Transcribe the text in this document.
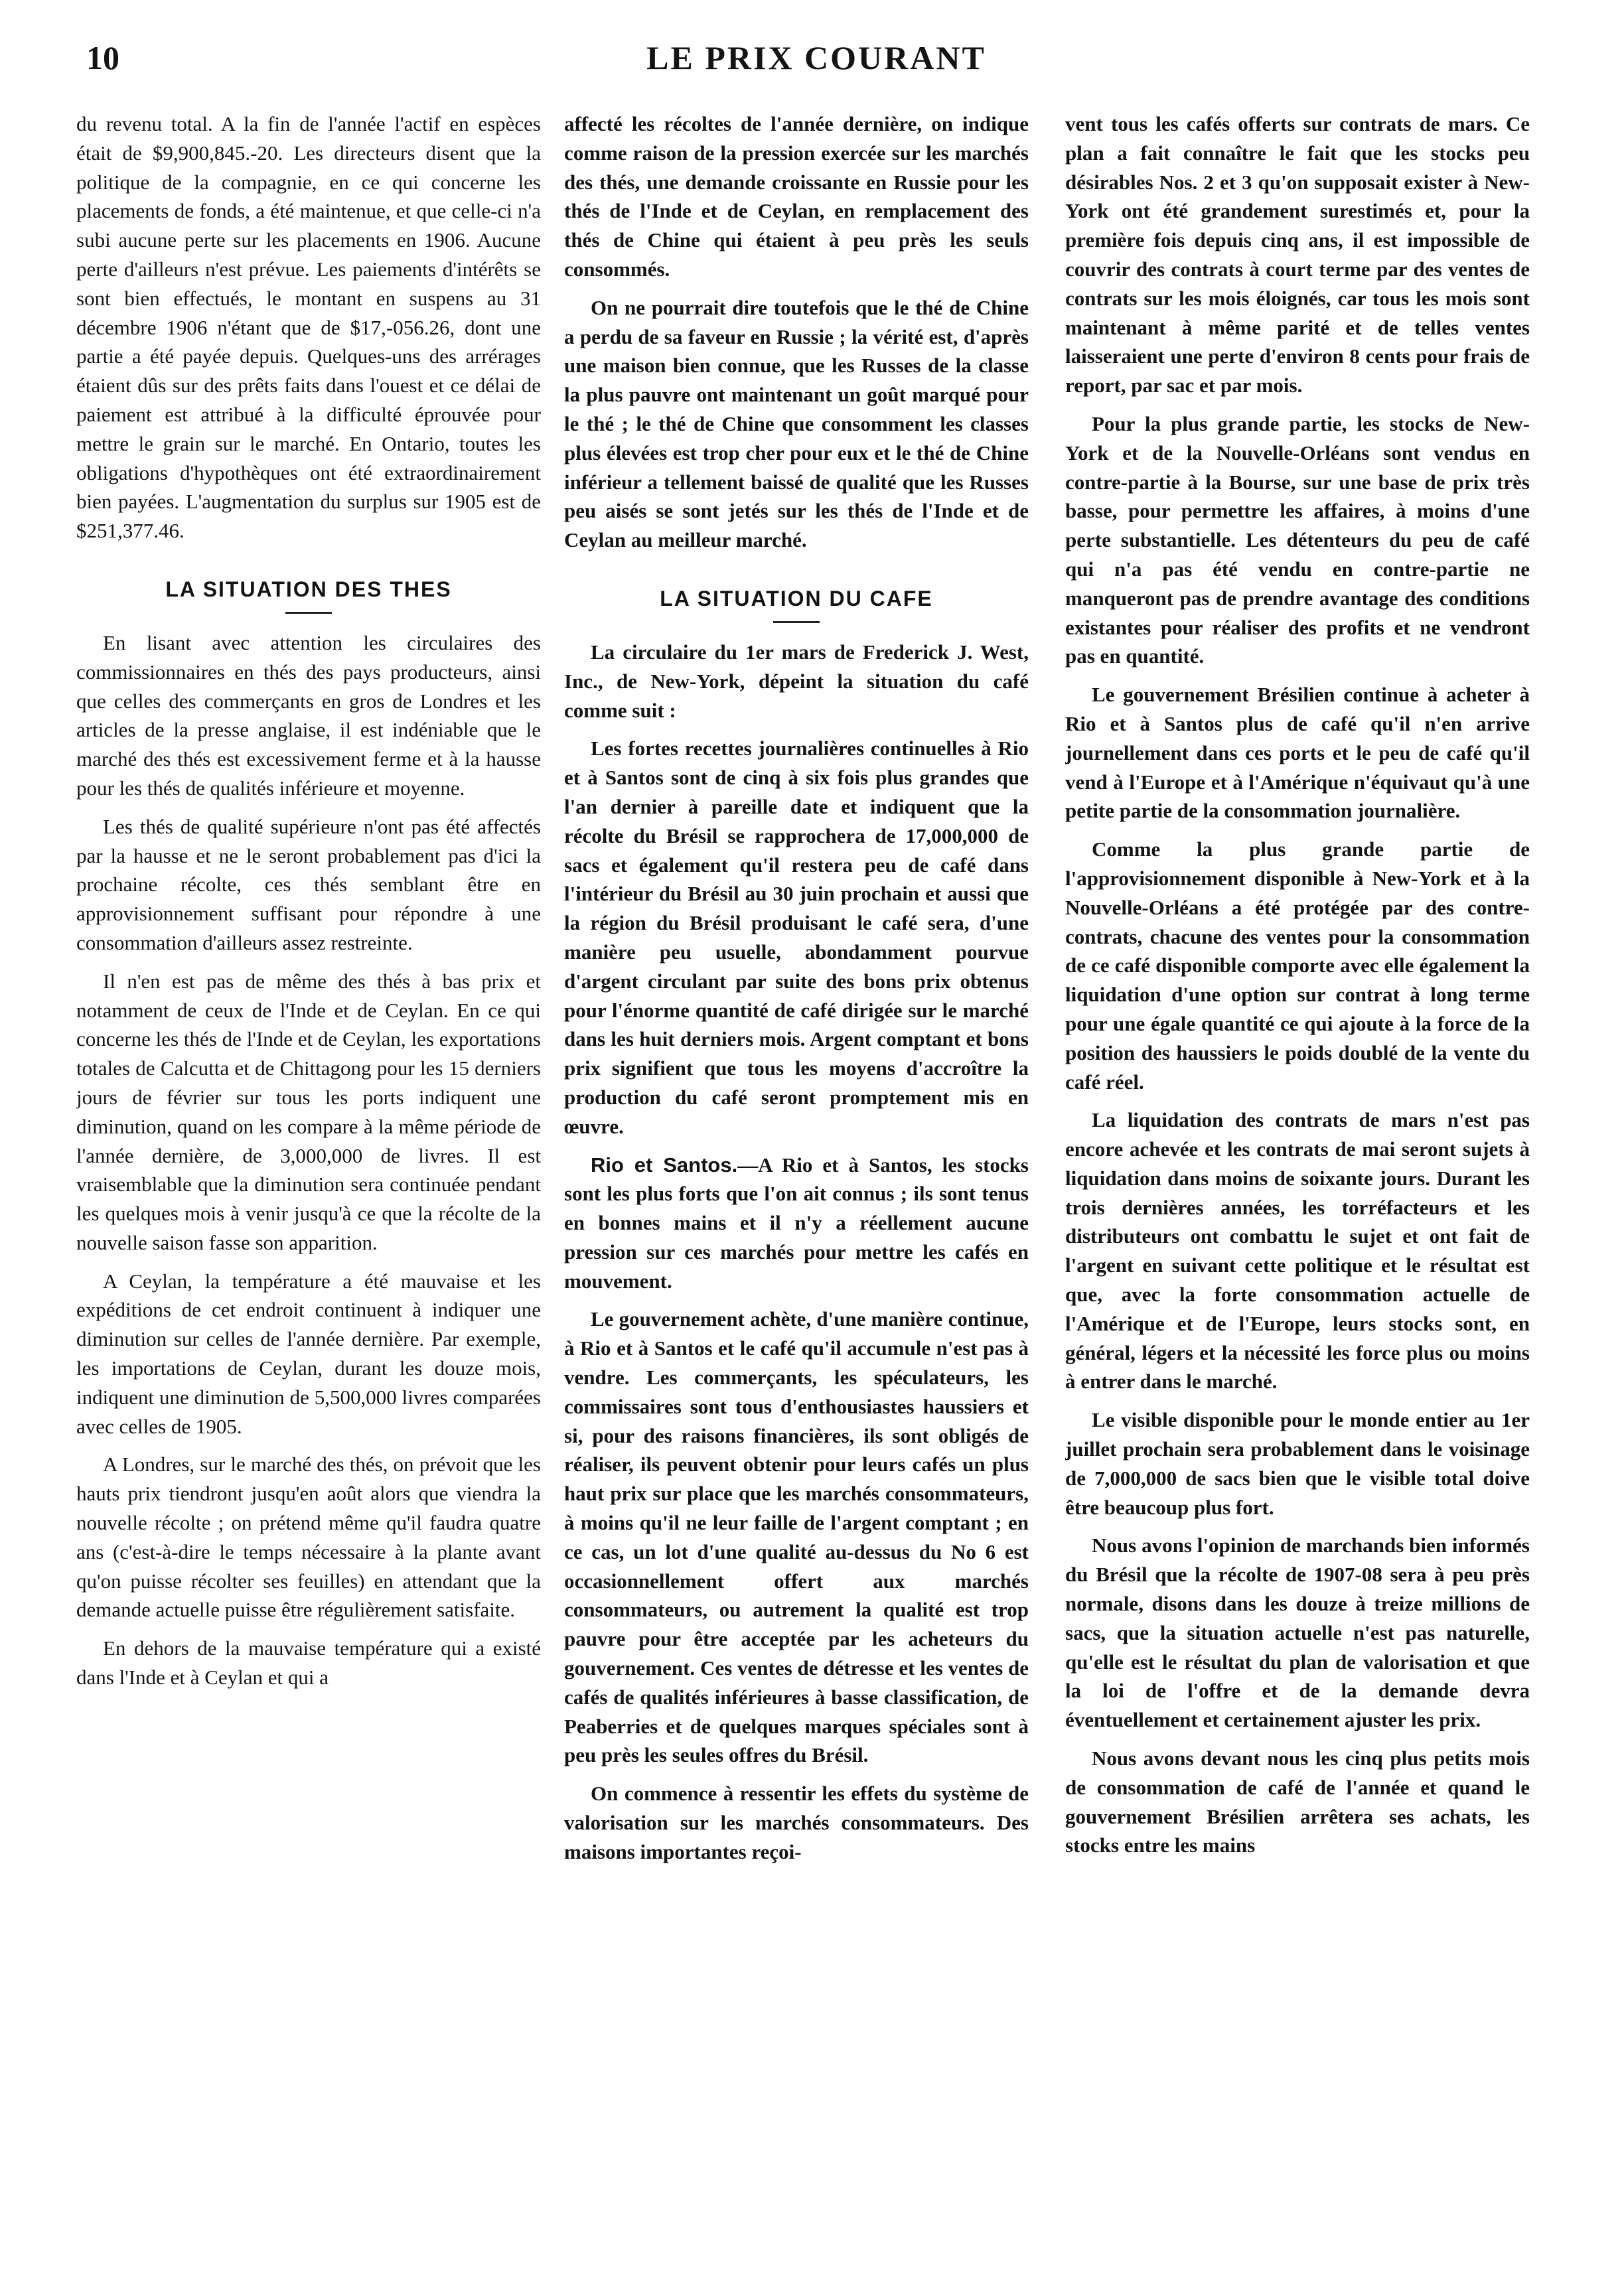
10	LE PRIX COURANT

du revenu total. A la fin de l'année l'actif en espèces était de $9,900,845.-20. Les directeurs disent que la politique de la compagnie, en ce qui concerne les placements de fonds, a été maintenue, et que celle-ci n'a subi aucune perte sur les placements en 1906. Aucune perte d'ailleurs n'est prévue. Les paiements d'intérêts se sont bien effectués, le montant en suspens au 31 décembre 1906 n'étant que de $17,-056.26, dont une partie a été payée depuis. Quelques-uns des arrérages étaient dûs sur des prêts faits dans l'ouest et ce délai de paiement est attribué à la difficulté éprouvée pour mettre le grain sur le marché. En Ontario, toutes les obligations d'hypothèques ont été extraordinairement bien payées. L'augmentation du surplus sur 1905 est de $251,377.46.

LA SITUATION DES THES

En lisant avec attention les circulaires des commissionnaires en thés des pays producteurs, ainsi que celles des commerçants en gros de Londres et les articles de la presse anglaise, il est indéniable que le marché des thés est excessivement ferme et à la hausse pour les thés de qualités inférieure et moyenne.

Les thés de qualité supérieure n'ont pas été affectés par la hausse et ne le seront probablement pas d'ici la prochaine récolte, ces thés semblant être en approvisionnement suffisant pour répondre à une consommation d'ailleurs assez restreinte.

Il n'en est pas de même des thés à bas prix et notamment de ceux de l'Inde et de Ceylan. En ce qui concerne les thés de l'Inde et de Ceylan, les exportations totales de Calcutta et de Chittagong pour les 15 derniers jours de février sur tous les ports indiquent une diminution, quand on les compare à la même période de l'année dernière, de 3,000,000 de livres. Il est vraisemblable que la diminution sera continuée pendant les quelques mois à venir jusqu'à ce que la récolte de la nouvelle saison fasse son apparition.

A Ceylan, la température a été mauvaise et les expéditions de cet endroit continuent à indiquer une diminution sur celles de l'année dernière. Par exemple, les importations de Ceylan, durant les douze mois, indiquent une diminution de 5,500,000 livres comparées avec celles de 1905.

A Londres, sur le marché des thés, on prévoit que les hauts prix tiendront jusqu'en août alors que viendra la nouvelle récolte ; on prétend même qu'il faudra quatre ans (c'est-à-dire le temps nécessaire à la plante avant qu'on puisse récolter ses feuilles) en attendant que la demande actuelle puisse être régulièrement satisfaite.

En dehors de la mauvaise température qui a existé dans l'Inde et à Ceylan et qui a

affecté les récoltes de l'année dernière, on indique comme raison de la pression exercée sur les marchés des thés, une demande croissante en Russie pour les thés de l'Inde et de Ceylan, en remplacement des thés de Chine qui étaient à peu près les seuls consommés.

On ne pourrait dire toutefois que le thé de Chine a perdu de sa faveur en Russie ; la vérité est, d'après une maison bien connue, que les Russes de la classe la plus pauvre ont maintenant un goût marqué pour le thé ; le thé de Chine que consomment les classes plus élevées est trop cher pour eux et le thé de Chine inférieur a tellement baissé de qualité que les Russes peu aisés se sont jetés sur les thés de l'Inde et de Ceylan au meilleur marché.

LA SITUATION DU CAFE

La circulaire du 1er mars de Frederick J. West, Inc., de New-York, dépeint la situation du café comme suit :

Les fortes recettes journalières continuelles à Rio et à Santos sont de cinq à six fois plus grandes que l'an dernier à pareille date et indiquent que la récolte du Brésil se rapprochera de 17,000,000 de sacs et également qu'il restera peu de café dans l'intérieur du Brésil au 30 juin prochain et aussi que la région du Brésil produisant le café sera, d'une manière peu usuelle, abondamment pourvue d'argent circulant par suite des bons prix obtenus pour l'énorme quantité de café dirigée sur le marché dans les huit derniers mois. Argent comptant et bons prix signifient que tous les moyens d'accroître la production du café seront promptement mis en œuvre.

Rio et Santos.—A Rio et à Santos, les stocks sont les plus forts que l'on ait connus ; ils sont tenus en bonnes mains et il n'y a réellement aucune pression sur ces marchés pour mettre les cafés en mouvement.

Le gouvernement achète, d'une manière continue, à Rio et à Santos et le café qu'il accumule n'est pas à vendre. Les commerçants, les spéculateurs, les commissaires sont tous d'enthousiastes haussiers et si, pour des raisons financières, ils sont obligés de réaliser, ils peuvent obtenir pour leurs cafés un plus haut prix sur place que les marchés consommateurs, à moins qu'il ne leur faille de l'argent comptant ; en ce cas, un lot d'une qualité au-dessus du No 6 est occasionnellement offert aux marchés consommateurs, ou autrement la qualité est trop pauvre pour être acceptée par les acheteurs du gouvernement. Ces ventes de détresse et les ventes de cafés de qualités inférieures à basse classification, de Peaberries et de quelques marques spéciales sont à peu près les seules offres du Brésil.

On commence à ressentir les effets du système de valorisation sur les marchés consommateurs. Des maisons importantes reçoi-

vent tous les cafés offerts sur contrats de mars. Ce plan a fait connaître le fait que les stocks peu désirables Nos. 2 et 3 qu'on supposait exister à New-York ont été grandement surestimés et, pour la première fois depuis cinq ans, il est impossible de couvrir des contrats à court terme par des ventes de contrats sur les mois éloignés, car tous les mois sont maintenant à même parité et de telles ventes laisseraient une perte d'environ 8 cents pour frais de report, par sac et par mois.

Pour la plus grande partie, les stocks de New-York et de la Nouvelle-Orléans sont vendus en contre-partie à la Bourse, sur une base de prix très basse, pour permettre les affaires, à moins d'une perte substantielle. Les détenteurs du peu de café qui n'a pas été vendu en contre-partie ne manqueront pas de prendre avantage des conditions existantes pour réaliser des profits et ne vendront pas en quantité.

Le gouvernement Brésilien continue à acheter à Rio et à Santos plus de café qu'il n'en arrive journellement dans ces ports et le peu de café qu'il vend à l'Europe et à l'Amérique n'équivaut qu'à une petite partie de la consommation journalière.

Comme la plus grande partie de l'approvisionnement disponible à New-York et à la Nouvelle-Orléans a été protégée par des contre-contrats, chacune des ventes pour la consommation de ce café disponible comporte avec elle également la liquidation d'une option sur contrat à long terme pour une égale quantité ce qui ajoute à la force de la position des haussiers le poids doublé de la vente du café réel.

La liquidation des contrats de mars n'est pas encore achevée et les contrats de mai seront sujets à liquidation dans moins de soixante jours. Durant les trois dernières années, les torréfacteurs et les distributeurs ont combattu le sujet et ont fait de l'argent en suivant cette politique et le résultat est que, avec la forte consommation actuelle de l'Amérique et de l'Europe, leurs stocks sont, en général, légers et la nécessité les force plus ou moins à entrer dans le marché.

Le visible disponible pour le monde entier au 1er juillet prochain sera probablement dans le voisinage de 7,000,000 de sacs bien que le visible total doive être beaucoup plus fort.

Nous avons l'opinion de marchands bien informés du Brésil que la récolte de 1907-08 sera à peu près normale, disons dans les douze à treize millions de sacs, que la situation actuelle n'est pas naturelle, qu'elle est le résultat du plan de valorisation et que la loi de l'offre et de la demande devra éventuellement et certainement ajuster les prix.

Nous avons devant nous les cinq plus petits mois de consommation de café de l'année et quand le gouvernement Brésilien arrêtera ses achats, les stocks entre les mains
